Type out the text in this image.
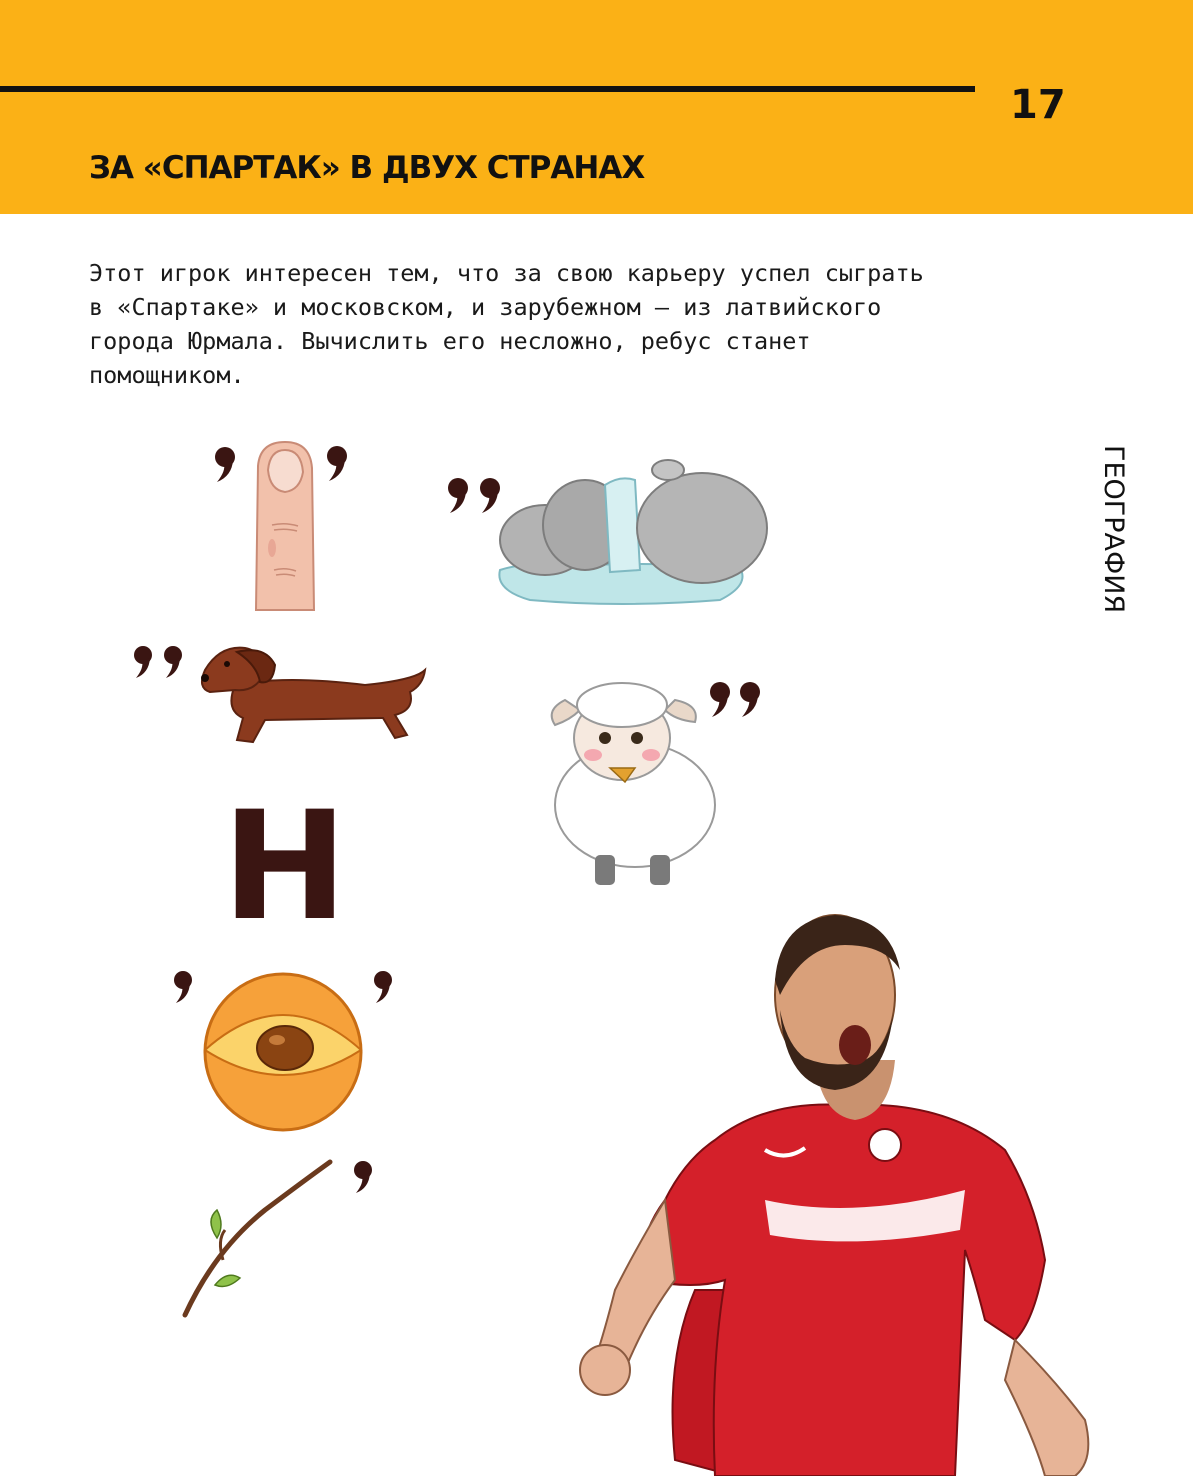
17
ЗА «СПАРТАК» В ДВУХ СТРАНАХ
Этот игрок интересен тем, что за свою карьеру успел сыграть
в «Спартаке» и московском, и зарубежном – из латвийского
города Юрмала. Вычислить его несложно, ребус станет
помощником.
ГЕОГРАФИЯ
Н
